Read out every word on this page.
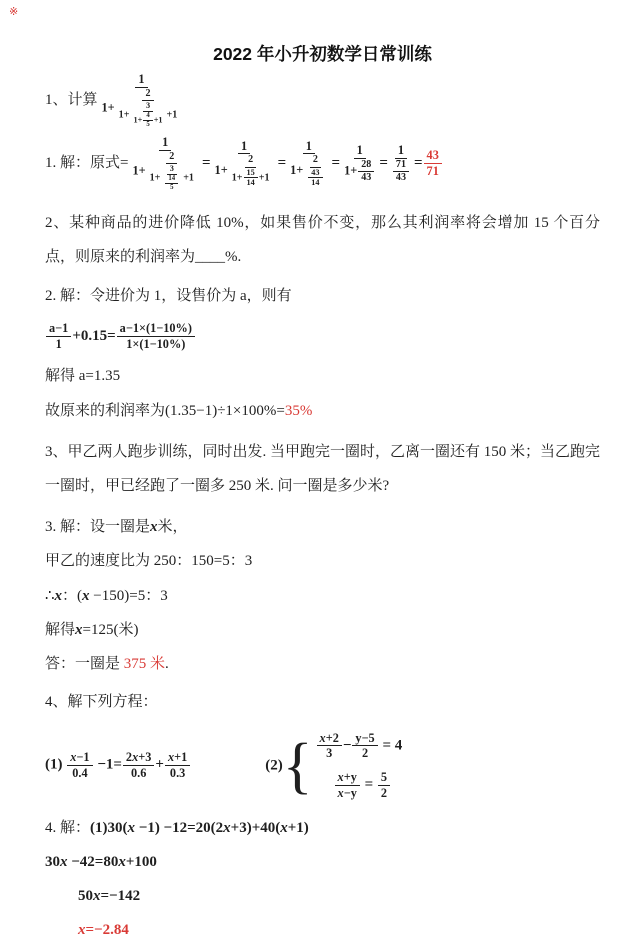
※
2022 年小升初数学日常训练
1、计算 $\frac{1}{1+ \frac{2}{1+ \frac{3}{1+ \frac{4}{5} +1} +1}}$
1. 解：原式= $\frac{1}{1+ \frac{2}{1+ \frac{3}{\frac{14}{5}} +1}} = \frac{1}{1+ \frac{2}{1+ \frac{15}{14} +1}} = \frac{1}{1+ \frac{2}{\frac{43}{14}}} = \frac{1}{1+ \frac{28}{43}} = \frac{1}{\frac{71}{43}} = \frac{43}{71}$

2、某种商品的进价降低 10%，如果售价不变，那么其利润率将会增加 15 个百分点，则原来的利润率为____%.

2. 解：令进价为 1，设售价为 a，则有

$\frac{a-1}{1} +0.15= \frac{a-1\times(1-10\%)}{1\times(1-10\%)}$

解得 a=1.35

故原来的利润率为(1.35−1)÷1×100%=35%

3、甲乙两人跑步训练，同时出发. 当甲跑完一圈时，乙离一圈还有 150 米；当乙跑完一圈时，甲已经跑了一圈多 250 米. 问一圈是多少米?

3. 解：设一圈是x米，

甲乙的速度比为 250：150=5：3

∴x：(x −150)=5：3
解得x=125(米)
答：一圈是 375 米.

4、解下列方程：

$(1) \frac{x-1}{0.4} -1= \frac{2x+3}{0.6} + \frac{x+1}{0.3}$	(2) { $\frac{x+2}{3} - \frac{y-5}{2} = 4$
$\frac{x+y}{x-y} = \frac{5}{2}$
4. 解：(1)30(x −1) −12=20(2x+3)+40(x+1)
30x −42=80x+100
50x=−142
x=−2.84
